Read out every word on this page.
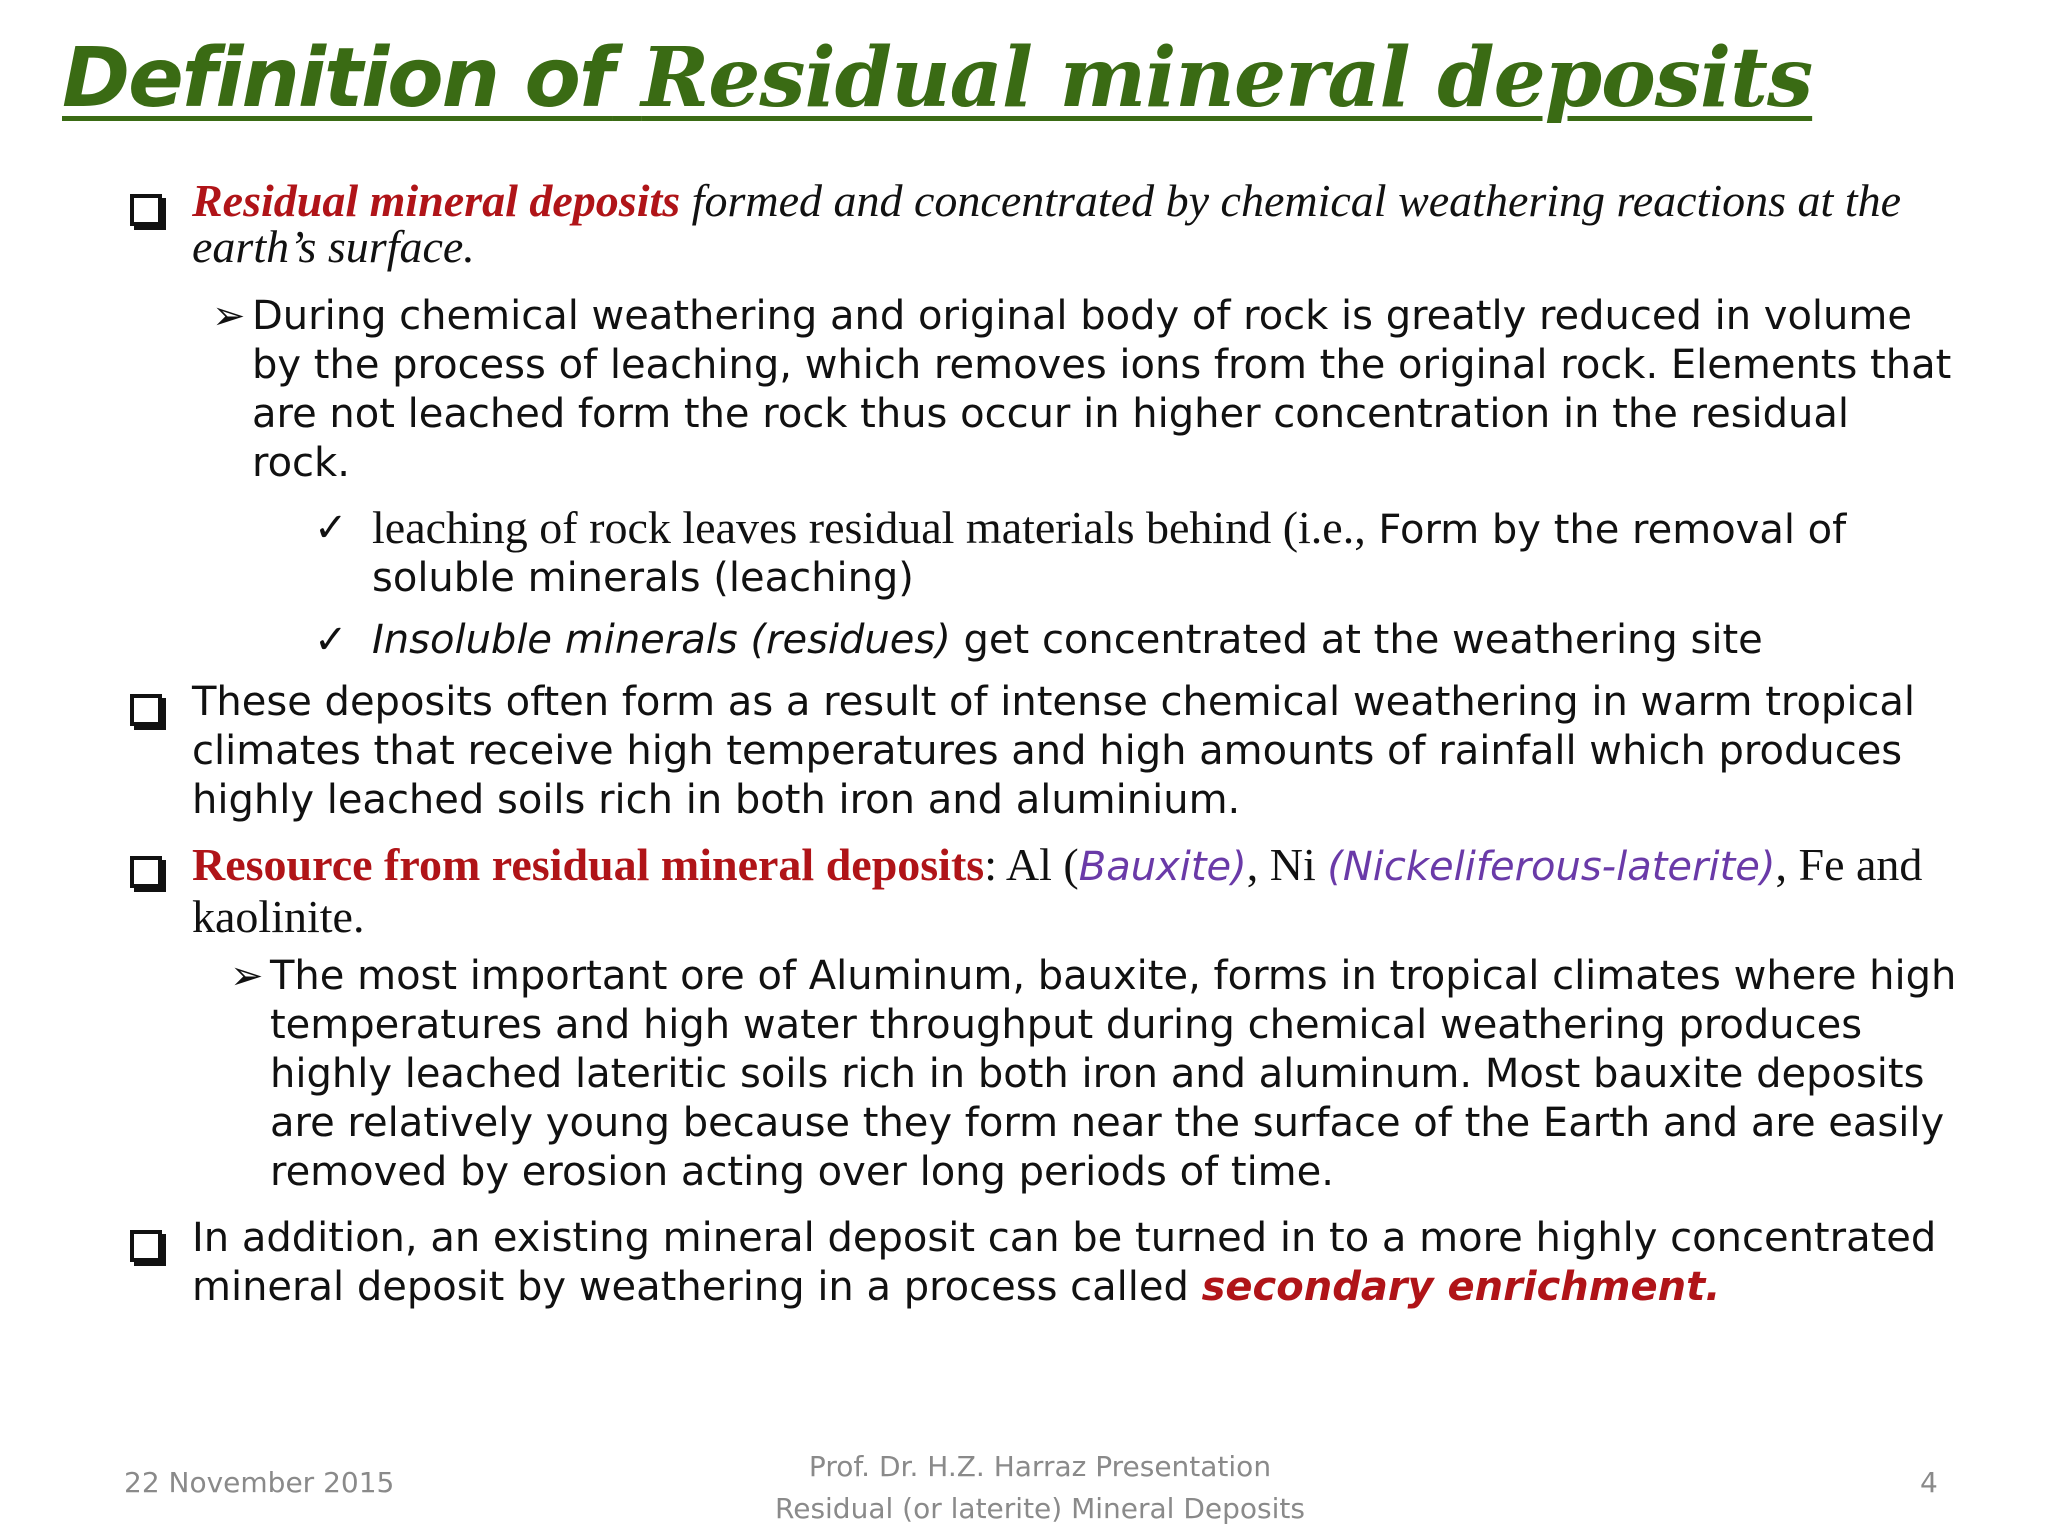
Definition of Residual mineral deposits
Residual mineral deposits formed and concentrated by chemical weathering reactions at the earth’s surface.
➢ During chemical weathering and original body of rock is greatly reduced in volume by the process of leaching, which removes ions from the original rock. Elements that are not leached form the rock thus occur in higher concentration in the residual rock.
✓ leaching of rock leaves residual materials behind (i.e., Form by the removal of soluble minerals (leaching)
✓ Insoluble minerals (residues) get concentrated at the weathering site
These deposits often form as a result of intense chemical weathering in warm tropical climates that receive high temperatures and high amounts of rainfall which produces highly leached soils rich in both iron and aluminium.
Resource from residual mineral deposits: Al (Bauxite), Ni (Nickeliferous-laterite), Fe and kaolinite.
➢ The most important ore of Aluminum, bauxite, forms in tropical climates where high temperatures and high water throughput during chemical weathering produces highly leached lateritic soils rich in both iron and aluminum. Most bauxite deposits are relatively young because they form near the surface of the Earth and are easily removed by erosion acting over long periods of time.
In addition, an existing mineral deposit can be turned in to a more highly concentrated mineral deposit by weathering in a process called secondary enrichment.
22 November 2015	Prof. Dr. H.Z. Harraz Presentation
Residual (or laterite) Mineral Deposits
4
